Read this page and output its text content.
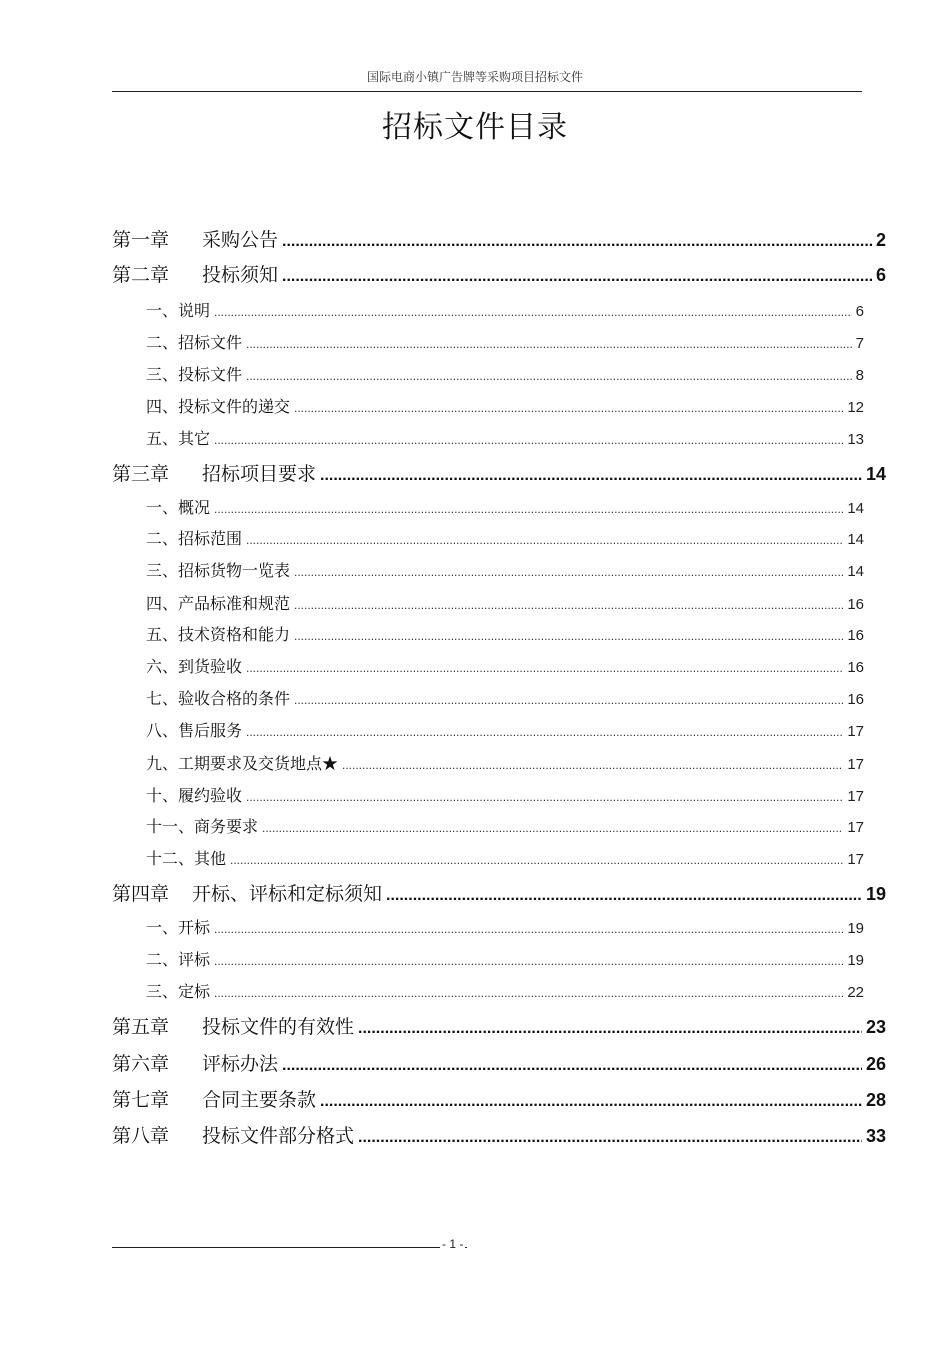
国际电商小镇广告牌等采购项目招标文件
招标文件目录
第一章	采购公告 .....	2
第二章	投标须知 .....	6
一、说明 .....	6
二、招标文件 .....	7
三、投标文件 .....	8
四、投标文件的递交 .....	12
五、其它 .....	13
第三章	招标项目要求 .....	14
一、概况 .....	14
二、招标范围 .....	14
三、招标货物一览表 .....	14
四、产品标准和规范 .....	16
五、技术资格和能力 .....	16
六、到货验收 .....	16
七、验收合格的条件 .....	16
八、售后服务 .....	17
九、工期要求及交货地点★ .....	17
十、履约验收 .....	17
十一、商务要求 .....	17
十二、其他 .....	17
第四章	开标、评标和定标须知 .....	19
一、开标 .....	19
二、评标 .....	19
三、定标 .....	22
第五章	投标文件的有效性 .....	23
第六章	评标办法 .....	26
第七章	合同主要条款 .....	28
第八章	投标文件部分格式 .....	33
- 1 -
